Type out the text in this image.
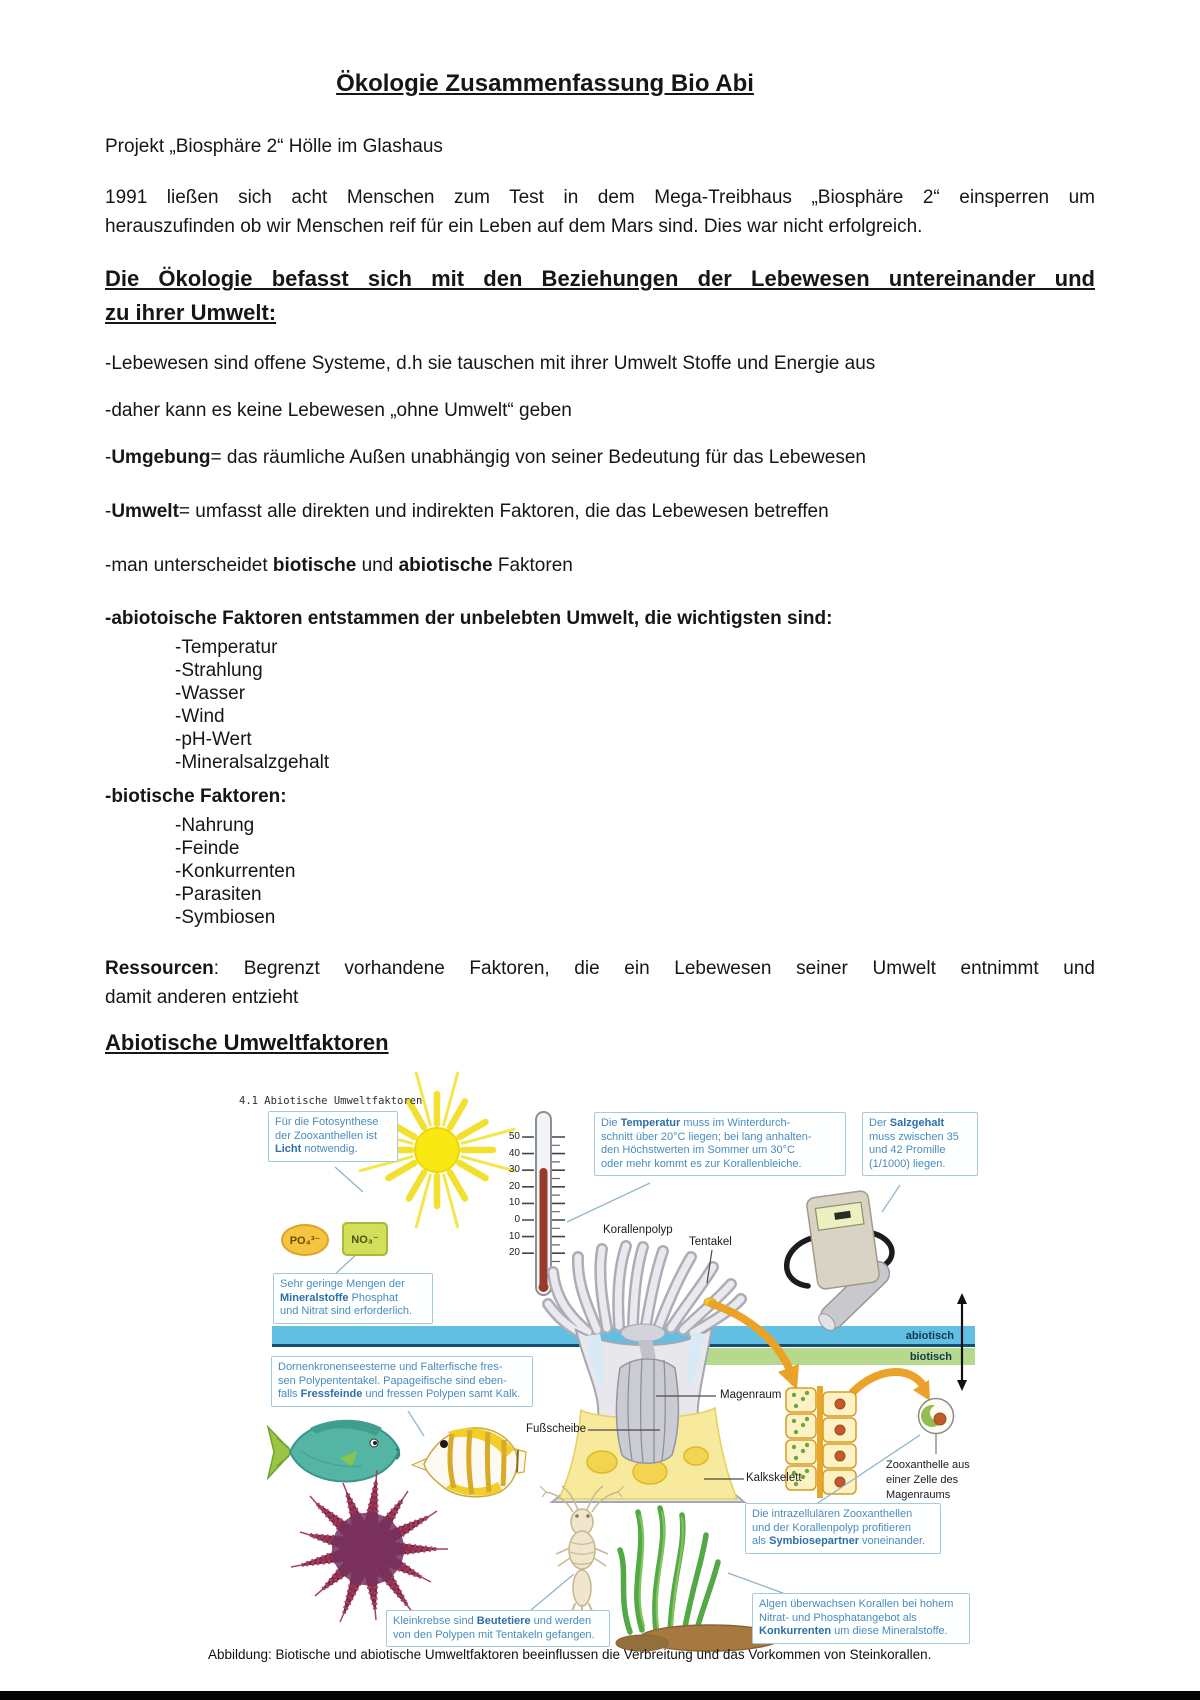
Ökologie Zusammenfassung Bio Abi
Projekt „Biosphäre 2“ Hölle im Glashaus
1991 ließen sich acht Menschen zum Test in dem Mega-Treibhaus „Biosphäre 2“ einsperren um
herauszufinden ob wir Menschen reif für ein Leben auf dem Mars sind. Dies war nicht erfolgreich.
Die Ökologie befasst sich mit den Beziehungen der Lebewesen untereinander und
zu ihrer Umwelt:
-Lebewesen sind offene Systeme, d.h sie tauschen mit ihrer Umwelt Stoffe und Energie aus
-daher kann es keine Lebewesen „ohne Umwelt“ geben
-Umgebung= das räumliche Außen unabhängig von seiner Bedeutung für das Lebewesen
-Umwelt= umfasst alle direkten und indirekten Faktoren, die das Lebewesen betreffen
-man unterscheidet biotische und abiotische Faktoren
-abiotoische Faktoren entstammen der unbelebten Umwelt, die wichtigsten sind:
-Temperatur
-Strahlung
-Wasser
-Wind
-pH-Wert
-Mineralsalzgehalt
-biotische Faktoren:
-Nahrung
-Feinde
-Konkurrenten
-Parasiten
-Symbiosen
Ressourcen: Begrenzt vorhandene Faktoren, die ein Lebewesen seiner Umwelt entnimmt und
damit anderen entzieht
Abiotische Umweltfaktoren
4.1 Abiotische Umweltfaktoren
Für die Fotosynthese
der Zooxanthellen ist
Licht notwendig.
Die Temperatur muss im Winterdurch-
schnitt über 20°C liegen; bei lang anhalten-
den Höchstwerten im Sommer um 30°C
oder mehr kommt es zur Korallenbleiche.
Der Salzgehalt
muss zwischen 35
und 42 Promille
(1/1000) liegen.
Sehr geringe Mengen der
Mineralstoffe Phosphat
und Nitrat sind erforderlich.
Dornenkronenseesterne und Falterfische fres-
sen Polypententakel. Papageifische sind eben-
falls Fressfeinde und fressen Polypen samt Kalk.
Kleinkrebse sind Beutetiere und werden
von den Polypen mit Tentakeln gefangen.
Die intrazellulären Zooxanthellen
und der Korallenpolyp profitieren
als Symbiosepartner voneinander.
Algen überwachsen Korallen bei hohem
Nitrat- und Phosphatangebot als
Konkurrenten um diese Mineralstoffe.
50
40
30
20
10
0
10
20
PO₄³⁻	NO₃⁻
abiotisch
biotisch
Korallenpolyp
Tentakel
Magenraum
Kalkskelett
Fußscheibe
Zooxanthelle aus
einer Zelle des
Magenraums
Abbildung: Biotische und abiotische Umweltfaktoren beeinflussen die Verbreitung und das Vorkommen von Steinkorallen.
